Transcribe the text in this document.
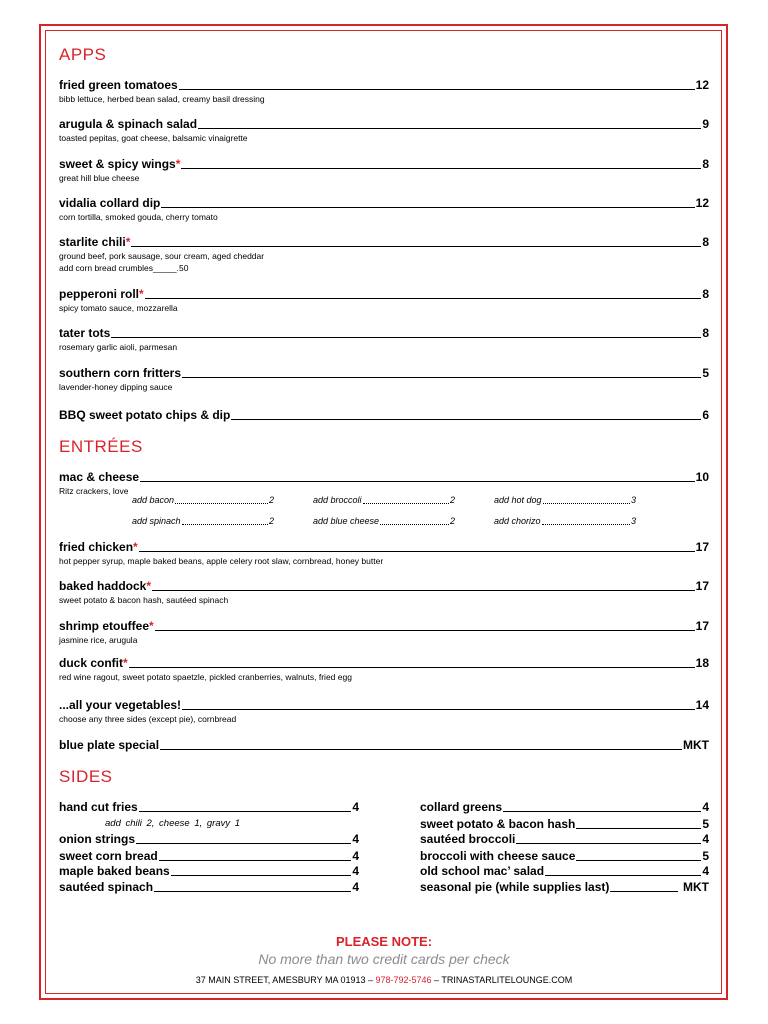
APPS
fried green tomatoes	12
bibb lettuce, herbed bean salad, creamy basil dressing
arugula & spinach salad	9
toasted pepitas, goat cheese, balsamic vinaigrette
sweet & spicy wings *	8
great hill blue cheese
vidalia collard dip	12
corn tortilla, smoked gouda, cherry tomato
starlite chili *	8
ground beef, pork sausage, sour cream, aged cheddar
add corn bread crumbles_____.50
pepperoni roll *	8
spicy tomato sauce, mozzarella
tater tots	8
rosemary garlic aioli, parmesan
southern corn fritters	5
lavender-honey dipping sauce
BBQ sweet potato chips & dip	6
ENTRÉES
mac & cheese	10
Ritz crackers, love
add bacon	2	add broccoli	2	add hot dog	3
add spinach	2	add blue cheese	2	add chorizo	3
fried chicken *	17
hot pepper syrup, maple baked beans, apple celery root slaw, cornbread, honey butter
baked haddock *	17
sweet potato & bacon hash, sautéed spinach
shrimp etouffee *	17
jasmine rice, arugula
duck confit *	18
red wine ragout, sweet potato spaetzle, pickled cranberries, walnuts, fried egg
...all your vegetables!	14
choose any three sides (except pie), cornbread
blue plate special	MKT
SIDES
hand cut fries	4
onion strings	4
sweet corn bread	4
maple baked beans	4
sautéed spinach	4
add chili 2, cheese 1, gravy 1
collard greens	4
sweet potato & bacon hash	5
sautéed broccoli	4
broccoli with cheese sauce	5
old school mac’ salad	4
seasonal pie (while supplies last)	MKT
PLEASE NOTE:
No more than two credit cards per check
37 MAIN STREET, AMESBURY MA 01913 – 978-792-5746 – TRINASTARLITELOUNGE.COM
